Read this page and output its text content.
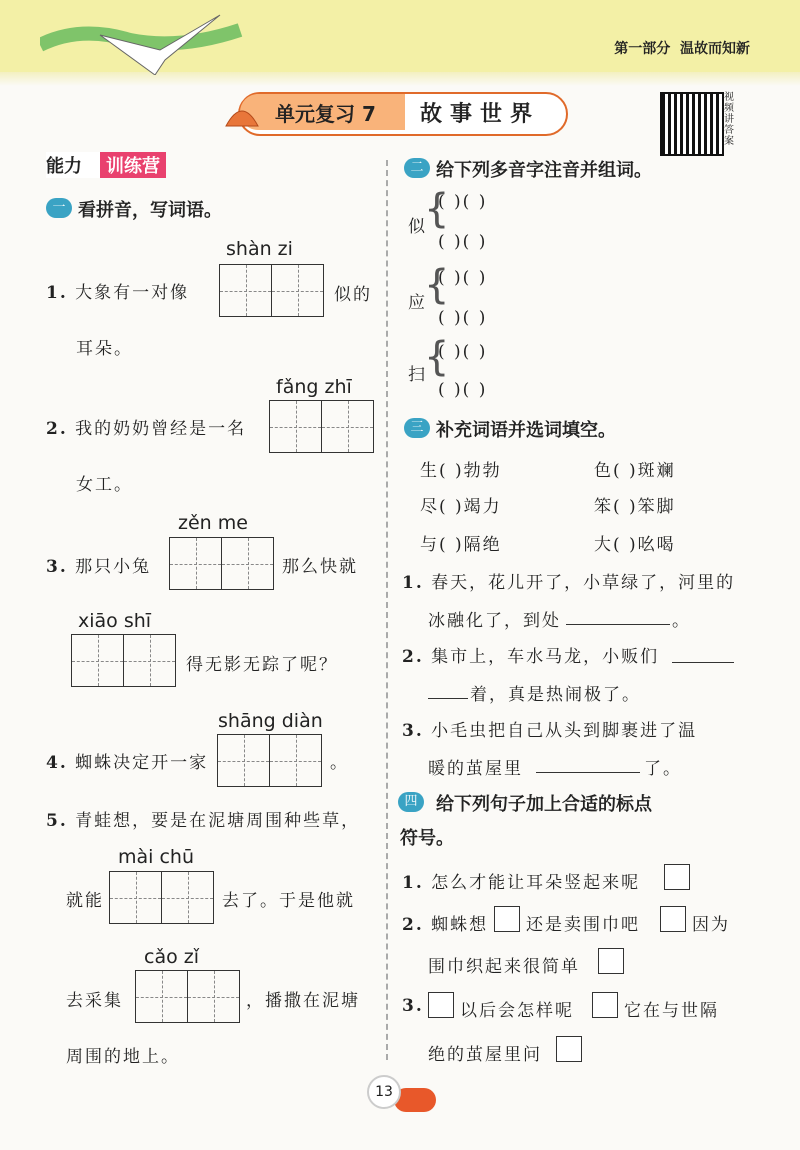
第一部分 温故而知新
单元复习 7 故事世界
视频讲答案
能力	训练营
一 看拼音，写词语。
shàn zi
1. 大象有一对像	似的
耳朵。
fǎng zhī
2. 我的奶奶曾经是一名
女工。
zěn me
3. 那只小兔	那么快就
xiāo shī
得无影无踪了呢？
shāng diàn
4. 蜘蛛决定开一家	。
5. 青蛙想，要是在泥塘周围种些草，
mài chū
就能	去了。于是他就
cǎo zǐ
去采集	，播撒在泥塘
周围的地上。
二 给下列多音字注音并组词。
似
{
( )( )
( )( )
应
{
( )( )
( )( )
扫
{
( )( )
( )( )
三 补充词语并选词填空。
生( )勃勃	色( )斑斓
尽( )竭力	笨( )笨脚
与( )隔绝	大( )吆喝
1. 春天，花儿开了，小草绿了，河里的
冰融化了，到处	。
2. 集市上，车水马龙，小贩们
着，真是热闹极了。
3. 小毛虫把自己从头到脚裹进了温
暖的茧屋里	了。
四	给下列句子加上合适的标点
符号。
1. 怎么才能让耳朵竖起来呢
2. 蜘蛛想 还是卖围巾吧	因为
围巾织起来很简单
3. 以后会怎样呢	它在与世隔
绝的茧屋里问
13
